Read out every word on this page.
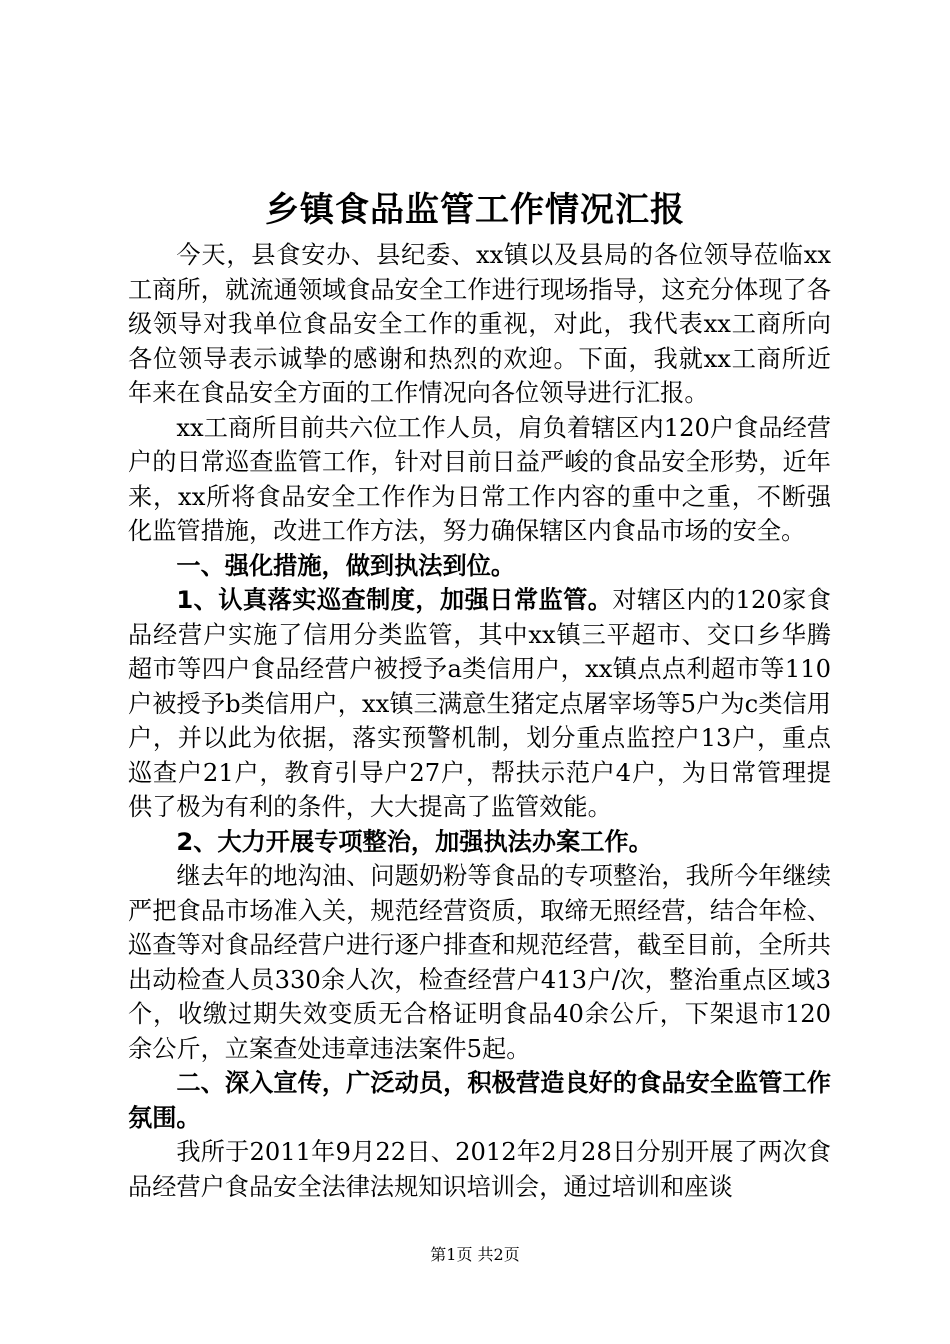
乡镇食品监管工作情况汇报

今天，县食安办、县纪委、xx镇以及县局的各位领导莅临xx工商所，就流通领域食品安全工作进行现场指导，这充分体现了各级领导对我单位食品安全工作的重视，对此，我代表xx工商所向各位领导表示诚挚的感谢和热烈的欢迎。下面，我就xx工商所近年来在食品安全方面的工作情况向各位领导进行汇报。

xx工商所目前共六位工作人员，肩负着辖区内120户食品经营户的日常巡查监管工作，针对目前日益严峻的食品安全形势，近年来，xx所将食品安全工作作为日常工作内容的重中之重，不断强化监管措施，改进工作方法，努力确保辖区内食品市场的安全。

一、强化措施，做到执法到位。

1、认真落实巡查制度，加强日常监管。对辖区内的120家食品经营户实施了信用分类监管，其中xx镇三平超市、交口乡华腾超市等四户食品经营户被授予a类信用户，xx镇点点利超市等110户被授予b类信用户，xx镇三满意生猪定点屠宰场等5户为c类信用户，并以此为依据，落实预警机制，划分重点监控户13户，重点巡查户21户，教育引导户27户，帮扶示范户4户，为日常管理提供了极为有利的条件，大大提高了监管效能。

2、大力开展专项整治，加强执法办案工作。

继去年的地沟油、问题奶粉等食品的专项整治，我所今年继续严把食品市场准入关，规范经营资质，取缔无照经营，结合年检、巡查等对食品经营户进行逐户排查和规范经营，截至目前，全所共出动检查人员330余人次，检查经营户413户/次，整治重点区域3个，收缴过期失效变质无合格证明食品40余公斤，下架退市120余公斤，立案查处违章违法案件5起。

二、深入宣传，广泛动员，积极营造良好的食品安全监管工作氛围。

我所于2011年9月22日、2012年2月28日分别开展了两次食品经营户食品安全法律法规知识培训会，通过培训和座谈

第1页 共2页
